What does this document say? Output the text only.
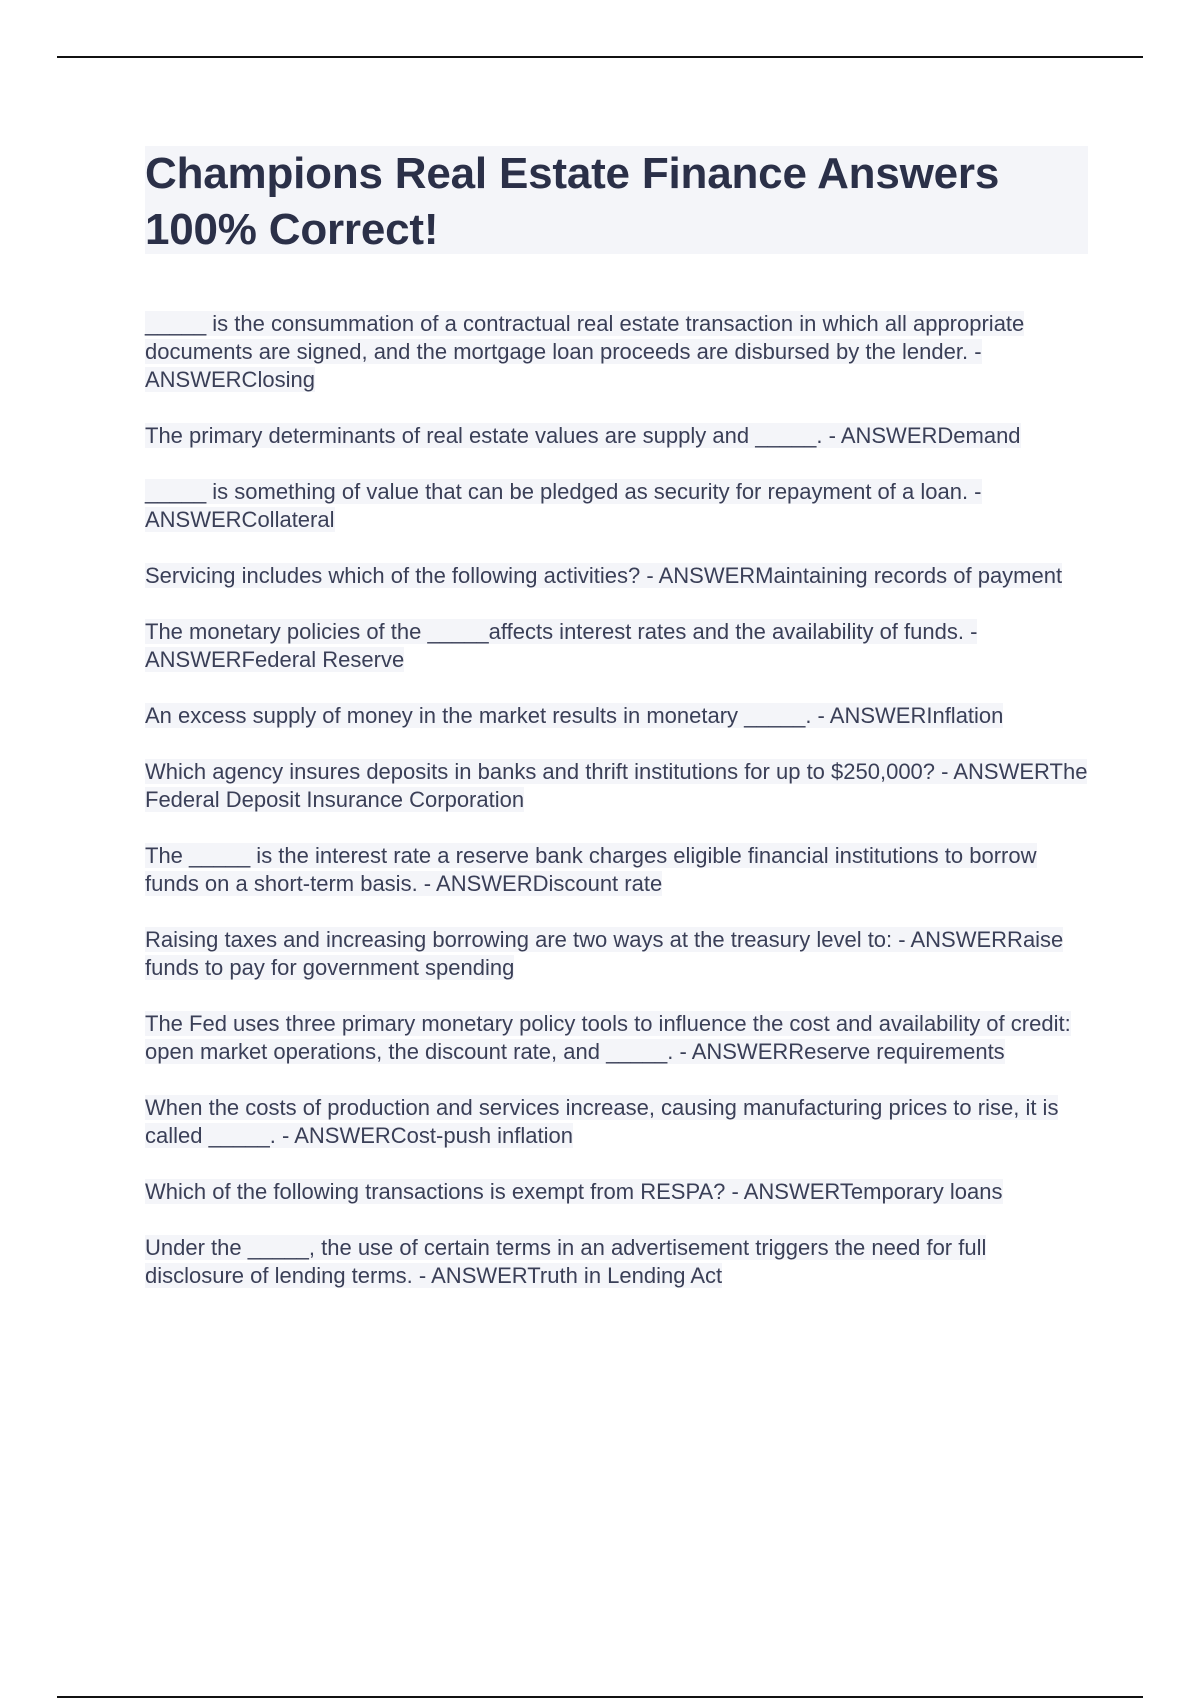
Champions Real Estate Finance Answers 100% Correct!

_____ is the consummation of a contractual real estate transaction in which all appropriate documents are signed, and the mortgage loan proceeds are disbursed by the lender. - ANSWERClosing

The primary determinants of real estate values are supply and _____. - ANSWERDemand

_____ is something of value that can be pledged as security for repayment of a loan. - ANSWERCollateral

Servicing includes which of the following activities? - ANSWERMaintaining records of payment

The monetary policies of the _____affects interest rates and the availability of funds. - ANSWERFederal Reserve

An excess supply of money in the market results in monetary _____. - ANSWERInflation

Which agency insures deposits in banks and thrift institutions for up to $250,000? - ANSWERThe Federal Deposit Insurance Corporation

The _____ is the interest rate a reserve bank charges eligible financial institutions to borrow funds on a short-term basis. - ANSWERDiscount rate

Raising taxes and increasing borrowing are two ways at the treasury level to: - ANSWERRaise funds to pay for government spending

The Fed uses three primary monetary policy tools to influence the cost and availability of credit: open market operations, the discount rate, and _____. - ANSWERReserve requirements

When the costs of production and services increase, causing manufacturing prices to rise, it is called _____. - ANSWERCost-push inflation

Which of the following transactions is exempt from RESPA? - ANSWERTemporary loans

Under the _____, the use of certain terms in an advertisement triggers the need for full disclosure of lending terms. - ANSWERTruth in Lending Act
